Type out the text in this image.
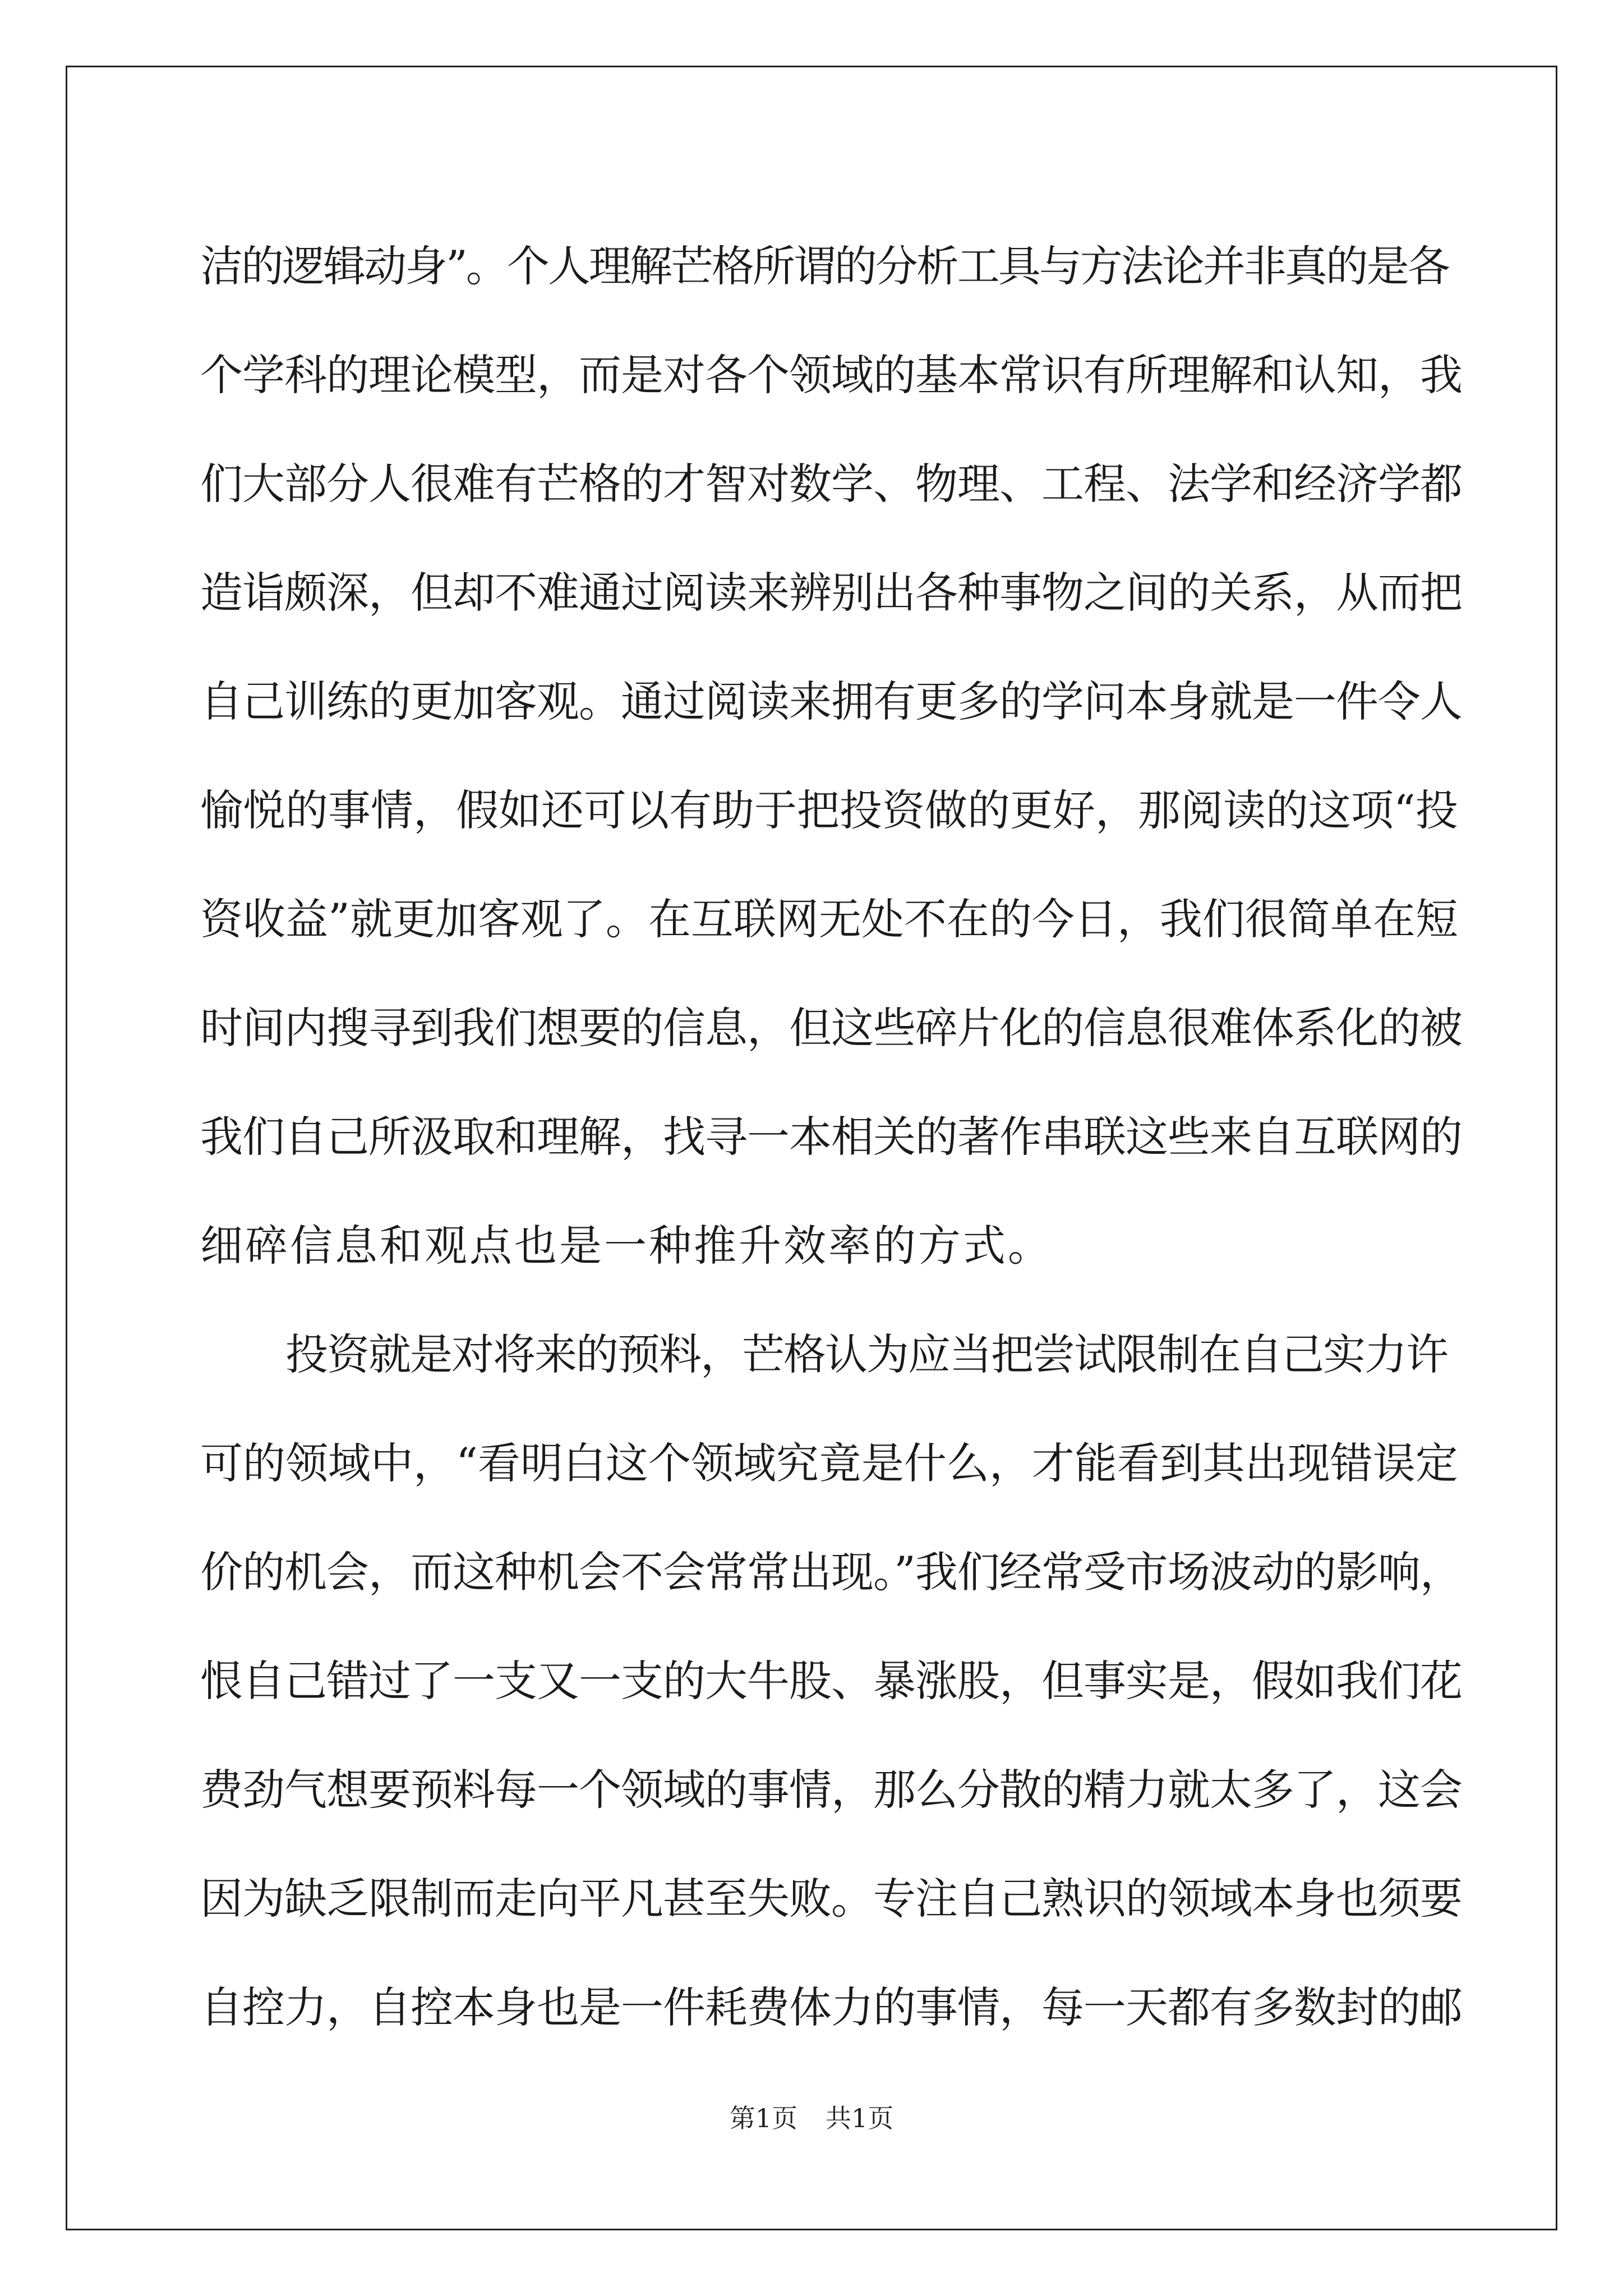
洁的逻辑动身”。个人理解芒格所谓的分析工具与方法论并非真的是各
个学科的理论模型，而是对各个领域的基本常识有所理解和认知，我
们大部分人很难有芒格的才智对数学、物理、工程、法学和经济学都
造诣颇深，但却不难通过阅读来辨别出各种事物之间的关系，从而把
自己训练的更加客观。通过阅读来拥有更多的学问本身就是一件令人
愉悦的事情，假如还可以有助于把投资做的更好，那阅读的这项“投
资收益”就更加客观了。在互联网无处不在的今日，我们很简单在短
时间内搜寻到我们想要的信息，但这些碎片化的信息很难体系化的被
我们自己所汲取和理解，找寻一本相关的著作串联这些来自互联网的
细碎信息和观点也是一种推升效率的方式。
投资就是对将来的预料，芒格认为应当把尝试限制在自己实力许
可的领域中，“看明白这个领域究竟是什么，才能看到其出现错误定
价的机会，而这种机会不会常常出现。”我们经常受市场波动的影响，
恨自己错过了一支又一支的大牛股、暴涨股，但事实是，假如我们花
费劲气想要预料每一个领域的事情，那么分散的精力就太多了，这会
因为缺乏限制而走向平凡甚至失败。专注自己熟识的领域本身也须要
自控力，自控本身也是一件耗费体力的事情，每一天都有多数封的邮
第1页 共1页
